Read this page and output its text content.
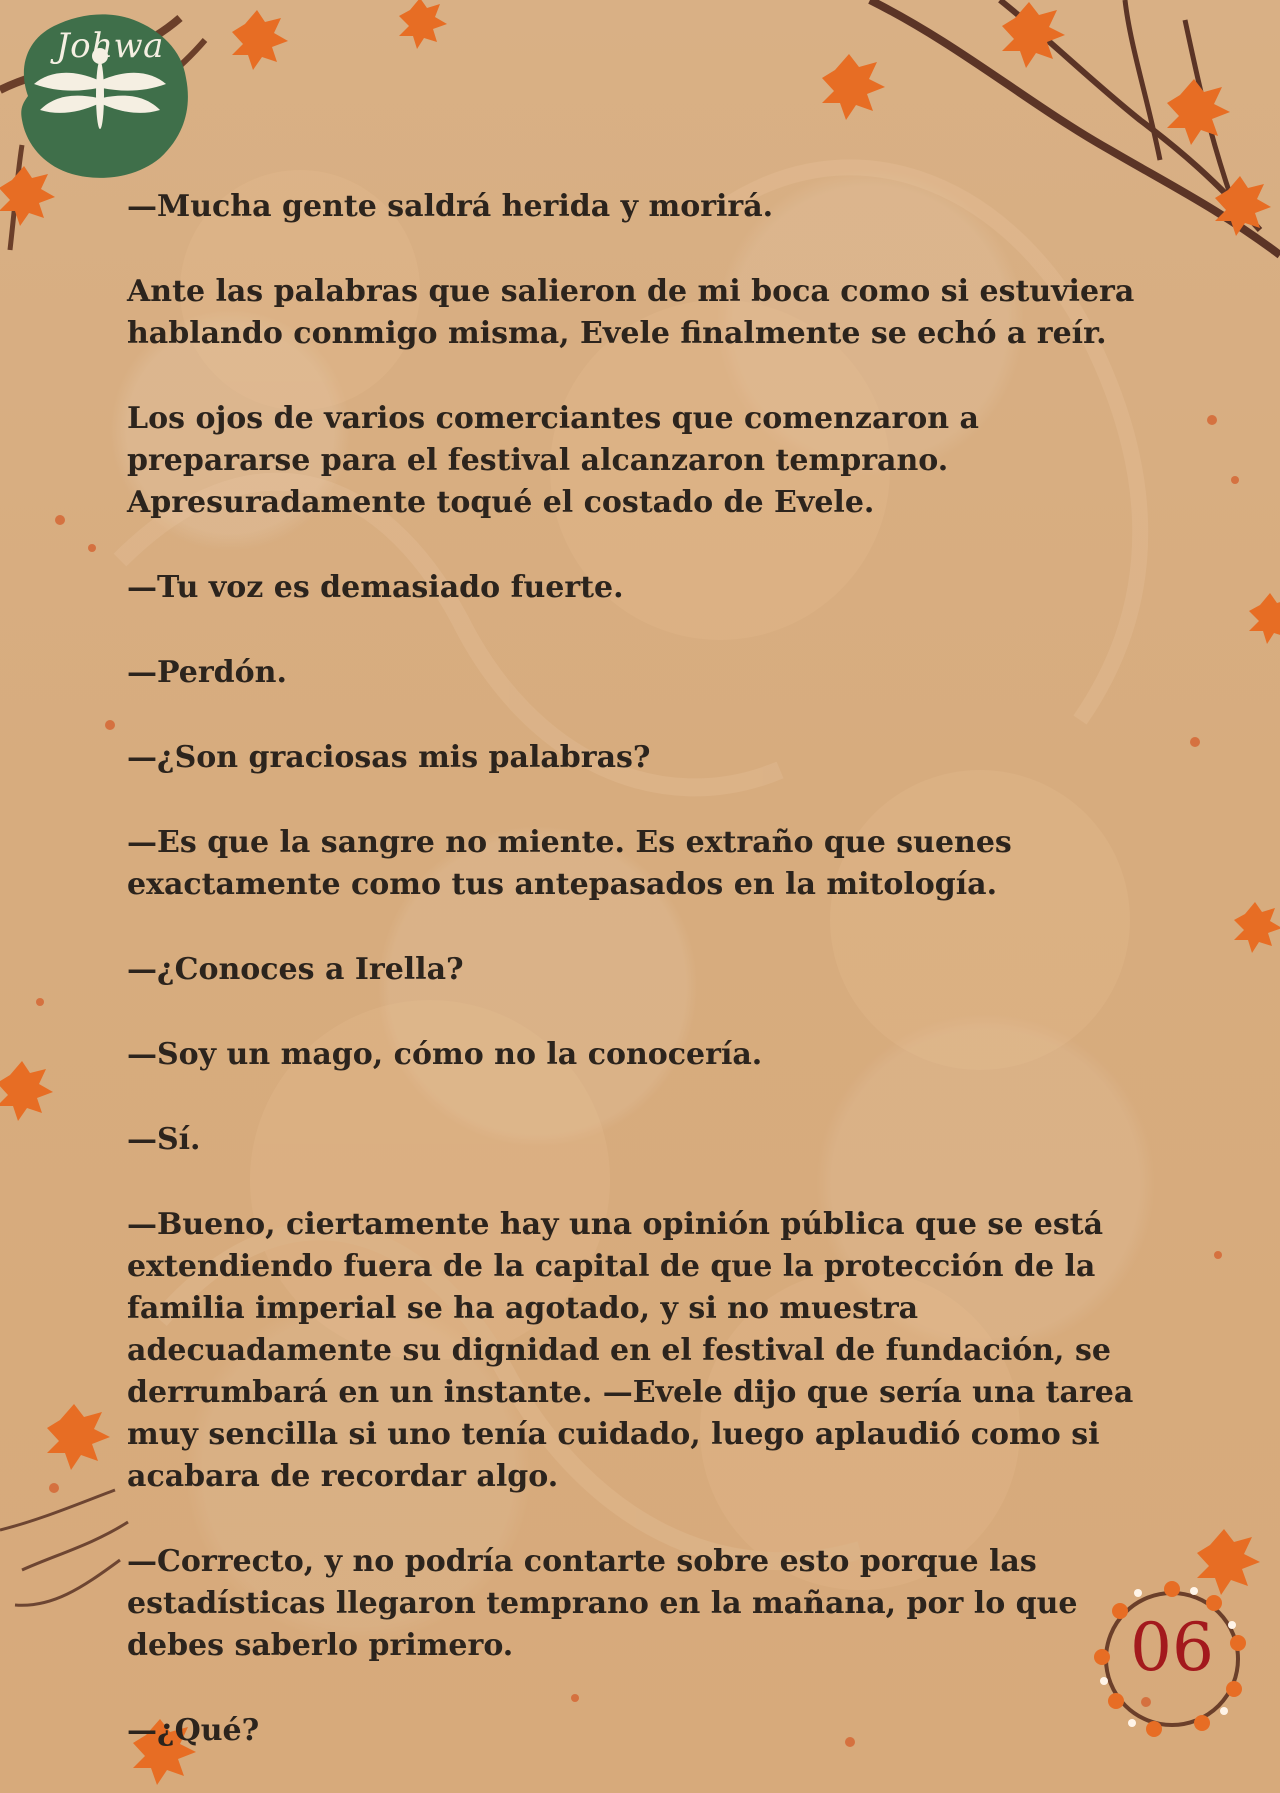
Johwa

—Mucha gente saldrá herida y morirá.

Ante las palabras que salieron de mi boca como si estuviera hablando conmigo misma, Evele finalmente se echó a reír.

Los ojos de varios comerciantes que comenzaron a prepararse para el festival alcanzaron temprano. Apresuradamente toqué el costado de Evele.

—Tu voz es demasiado fuerte.

—Perdón.

—¿Son graciosas mis palabras?

—Es que la sangre no miente. Es extraño que suenes exactamente como tus antepasados en la mitología.

—¿Conoces a Irella?

—Soy un mago, cómo no la conocería.

—Sí.

—Bueno, ciertamente hay una opinión pública que se está extendiendo fuera de la capital de que la protección de la familia imperial se ha agotado, y si no muestra adecuadamente su dignidad en el festival de fundación, se derrumbará en un instante. —Evele dijo que sería una tarea muy sencilla si uno tenía cuidado, luego aplaudió como si acabara de recordar algo.

—Correcto, y no podría contarte sobre esto porque las estadísticas llegaron temprano en la mañana, por lo que debes saberlo primero.

—¿Qué?

06
